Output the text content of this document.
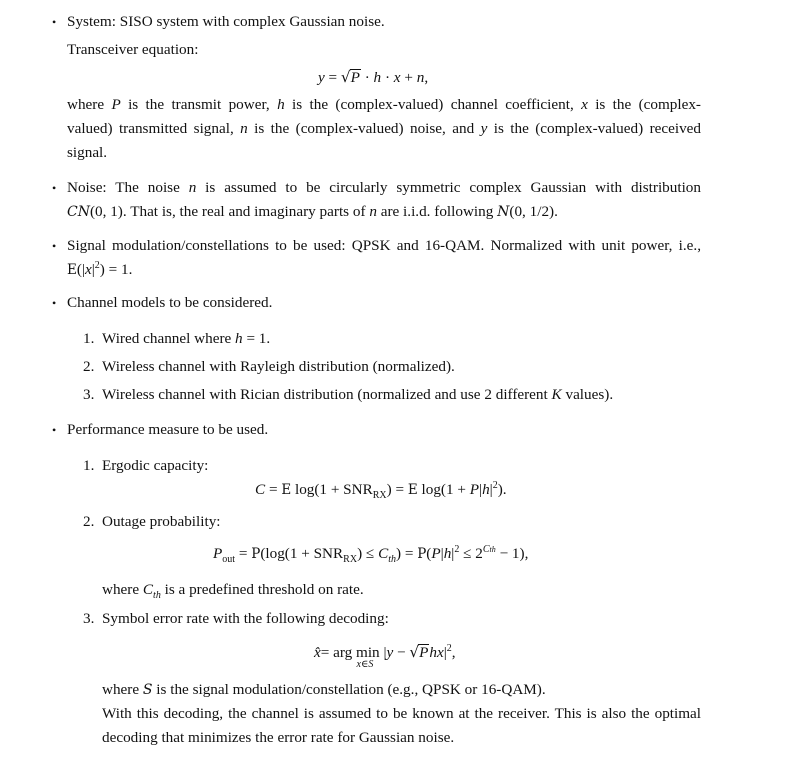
• System: SISO system with complex Gaussian noise.
Transceiver equation:
y = √P · h · x + n,
where P is the transmit power, h is the (complex-valued) channel coefficient, x is the (complex-
valued) transmitted signal, n is the (complex-valued) noise, and y is the (complex-valued) received
signal.
• Noise: The noise n is assumed to be circularly symmetric complex Gaussian with distribution
CN(0, 1). That is, the real and imaginary parts of n are i.i.d. following N(0, 1/2).
• Signal modulation/constellations to be used: QPSK and 16-QAM. Normalized with unit power, i.e.,
$E(|x|^2) = 1$.
• Channel models to be considered.
1. Wired channel where h = 1.
2. Wireless channel with Rayleigh distribution (normalized).
3. Wireless channel with Rician distribution (normalized and use 2 different K values).
• Performance measure to be used.
1. Ergodic capacity:
C = E $\log(1 + SNR_{RX}) = E$ $\log(1 + P|h|^2)$.
2. Outage probability:
$P_{out} = P(\log(1 + SNR_{RX}) \le C_{th}) = P(P|h|^2 \le 2^{Cth} - 1)$,
where $C_{th}$ is a predefined threshold on rate.
3. Symbol error rate with the following decoding:
x̂= arg min
x∈S
$|y - √Phx|^2$,
where S is the signal modulation/constellation (e.g., QPSK or 16-QAM).
With this decoding, the channel is assumed to be known at the receiver. This is also the optimal
decoding that minimizes the error rate for Gaussian noise.
